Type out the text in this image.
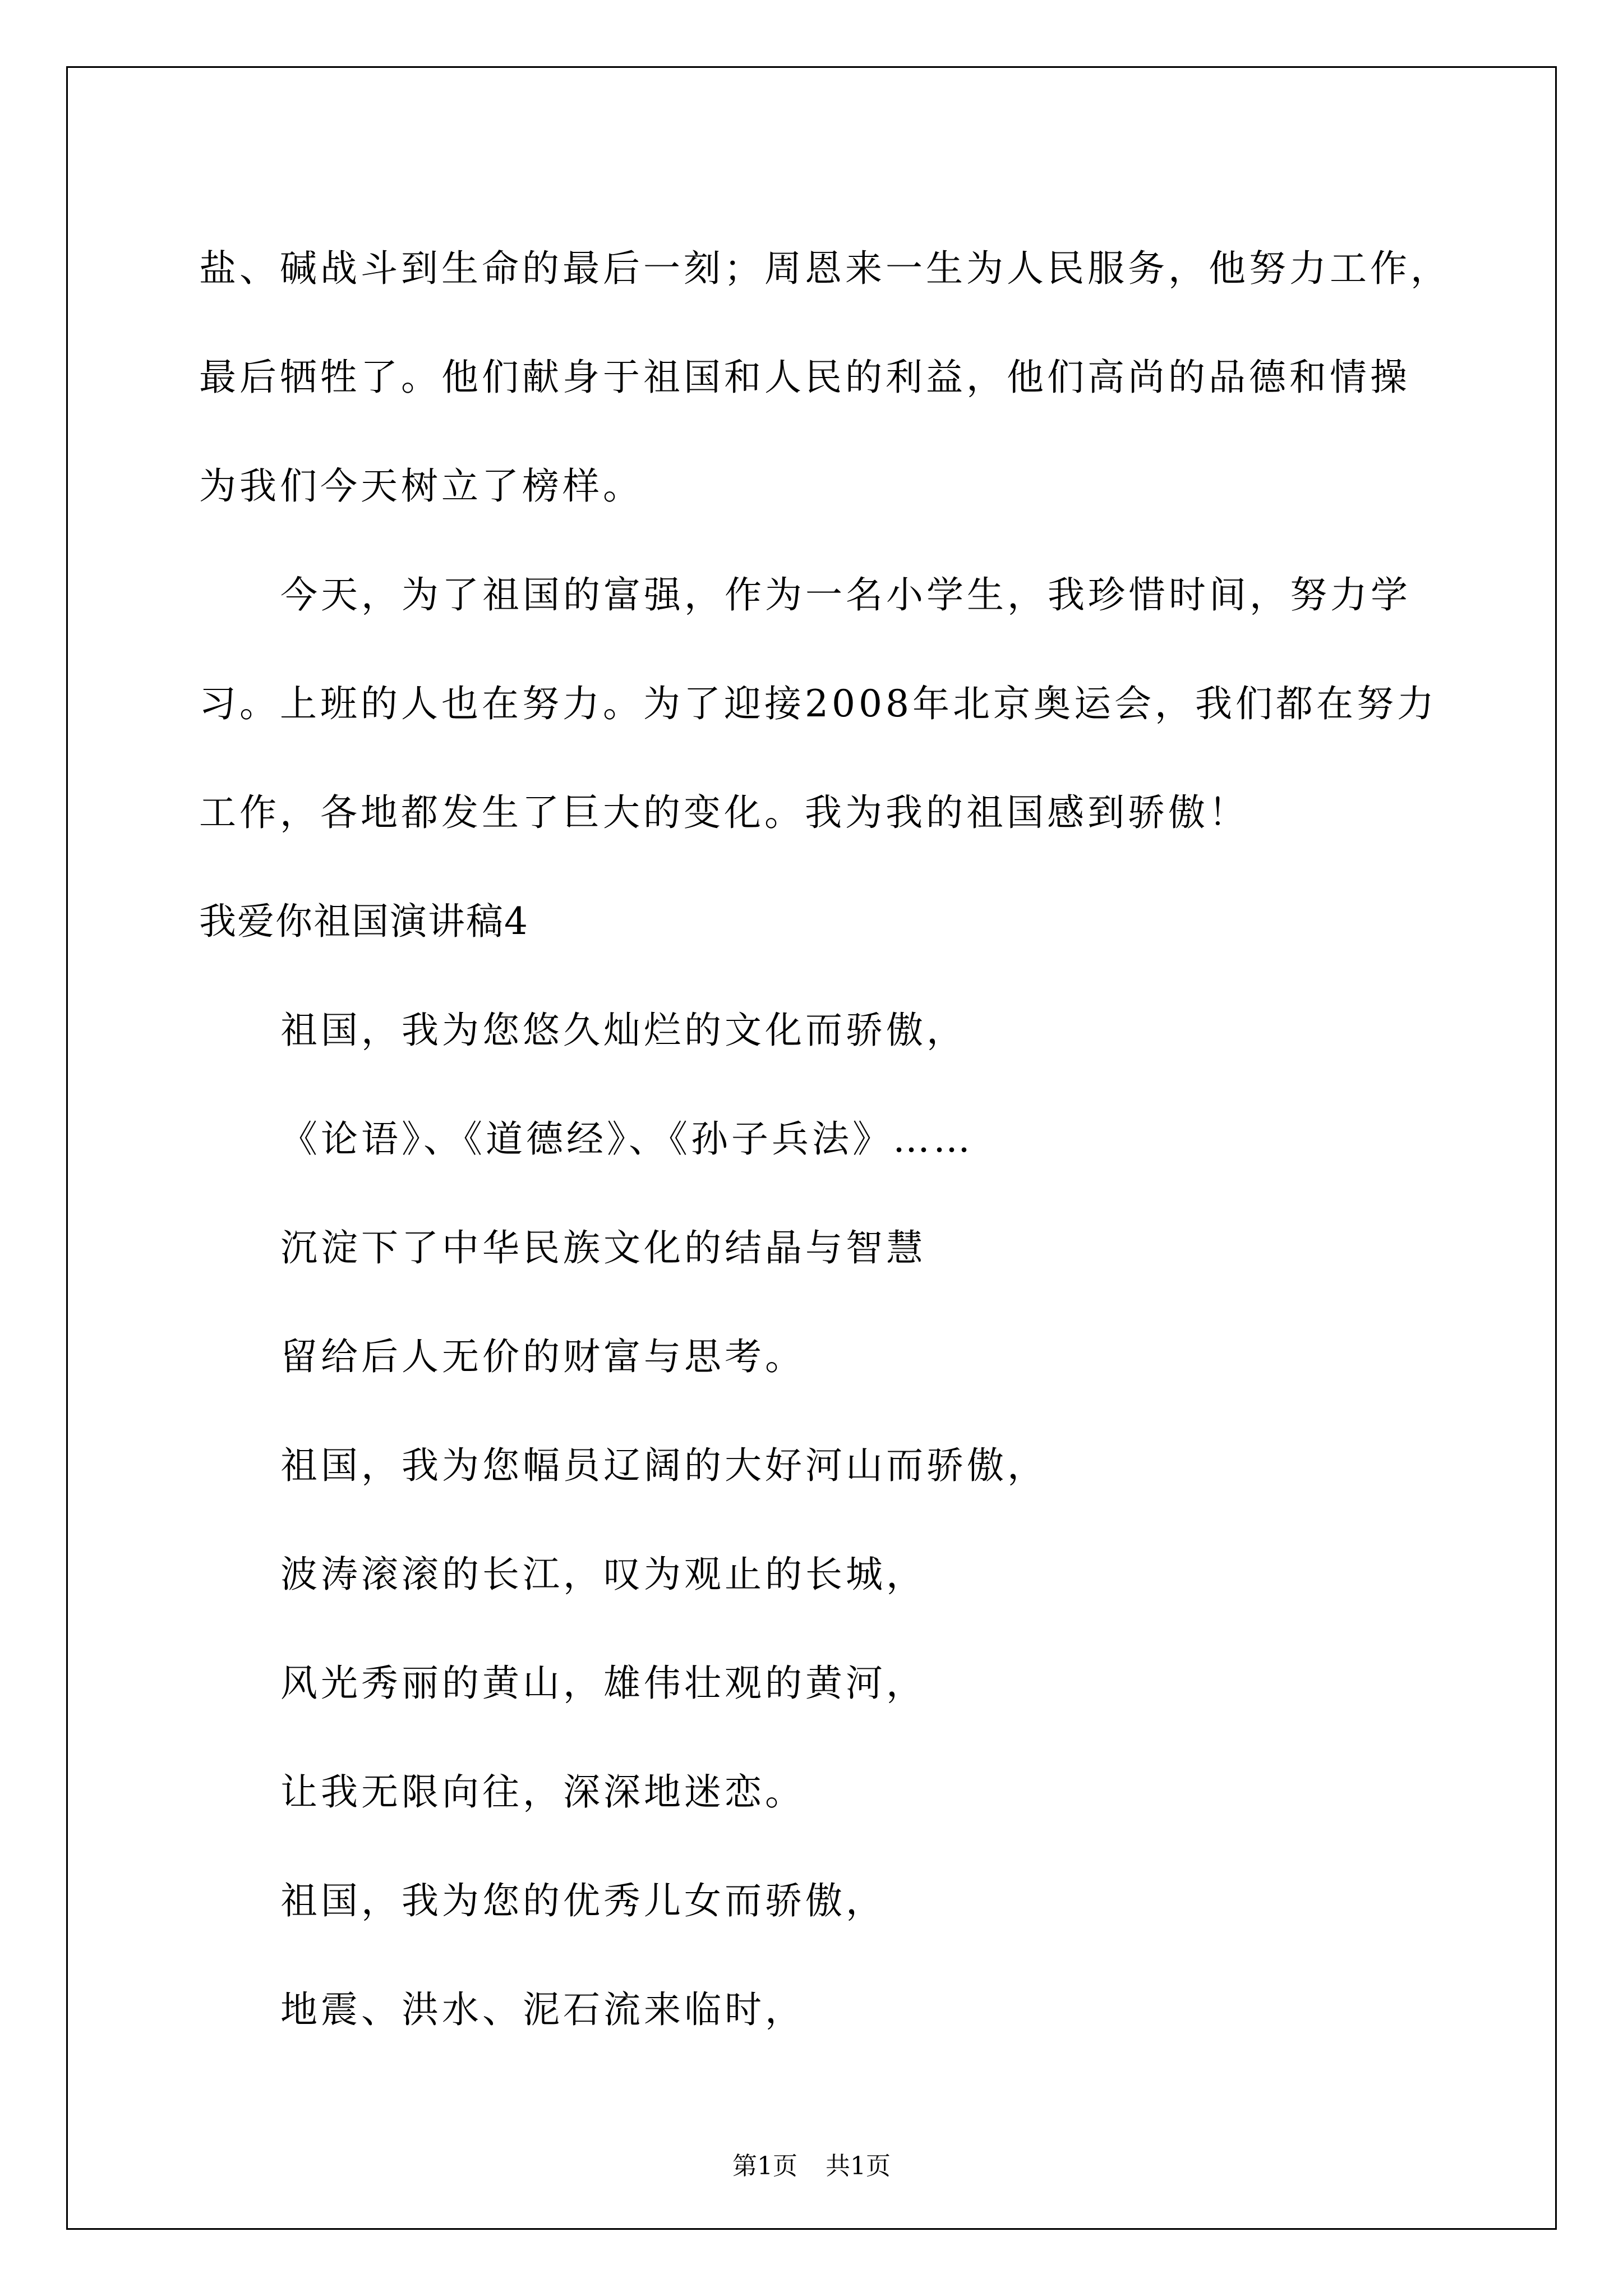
盐、碱战斗到生命的最后一刻；周恩来一生为人民服务，他努力工作，
最后牺牲了。他们献身于祖国和人民的利益，他们高尚的品德和情操
为我们今天树立了榜样。
今天，为了祖国的富强，作为一名小学生，我珍惜时间，努力学
习。上班的人也在努力。为了迎接2008年北京奥运会，我们都在努力
工作，各地都发生了巨大的变化。我为我的祖国感到骄傲！
我爱你祖国演讲稿4
祖国，我为您悠久灿烂的文化而骄傲，
《论语》、《道德经》、《孙子兵法》……
沉淀下了中华民族文化的结晶与智慧
留给后人无价的财富与思考。
祖国，我为您幅员辽阔的大好河山而骄傲，
波涛滚滚的长江，叹为观止的长城，
风光秀丽的黄山，雄伟壮观的黄河，
让我无限向往，深深地迷恋。
祖国，我为您的优秀儿女而骄傲，
地震、洪水、泥石流来临时，
第1页 共1页
